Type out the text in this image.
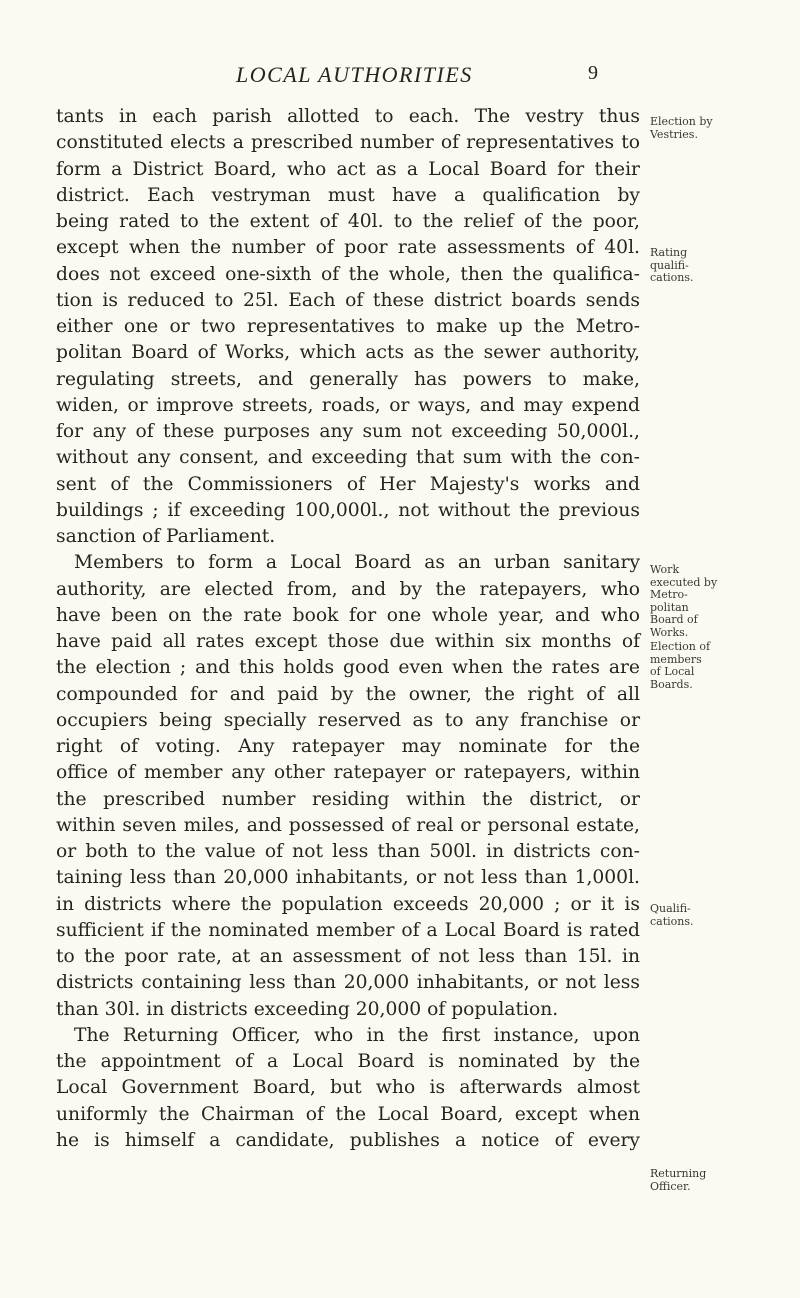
LOCAL AUTHORITIES	9
tants in each parish allotted to each. The vestry thus
constituted elects a prescribed number of representatives to
form a District Board, who act as a Local Board for their
district. Each vestryman must have a qualification by
being rated to the extent of 40l. to the relief of the poor,
except when the number of poor rate assessments of 40l.
does not exceed one-sixth of the whole, then the qualifica-
tion is reduced to 25l. Each of these district boards sends
either one or two representatives to make up the Metro-
politan Board of Works, which acts as the sewer authority,
regulating streets, and generally has powers to make,
widen, or improve streets, roads, or ways, and may expend
for any of these purposes any sum not exceeding 50,000l.,
without any consent, and exceeding that sum with the con-
sent of the Commissioners of Her Majesty's works and
buildings ; if exceeding 100,000l., not without the previous
sanction of Parliament.
Members to form a Local Board as an urban sanitary
authority, are elected from, and by the ratepayers, who
have been on the rate book for one whole year, and who
have paid all rates except those due within six months of
the election ; and this holds good even when the rates are
compounded for and paid by the owner, the right of all
occupiers being specially reserved as to any franchise or
right of voting. Any ratepayer may nominate for the
office of member any other ratepayer or ratepayers, within
the prescribed number residing within the district, or
within seven miles, and possessed of real or personal estate,
or both to the value of not less than 500l. in districts con-
taining less than 20,000 inhabitants, or not less than 1,000l.
in districts where the population exceeds 20,000 ; or it is
sufficient if the nominated member of a Local Board is rated
to the poor rate, at an assessment of not less than 15l. in
districts containing less than 20,000 inhabitants, or not less
than 30l. in districts exceeding 20,000 of population.
The Returning Officer, who in the first instance, upon
the appointment of a Local Board is nominated by the
Local Government Board, but who is afterwards almost
uniformly the Chairman of the Local Board, except when
he is himself a candidate, publishes a notice of every
Election by
Vestries.
Rating
qualifi-
cations.
Work
executed by
Metro-
politan
Board of
Works.
Election of
members
of Local
Boards.
Qualifi-
cations.
Returning
Officer.
